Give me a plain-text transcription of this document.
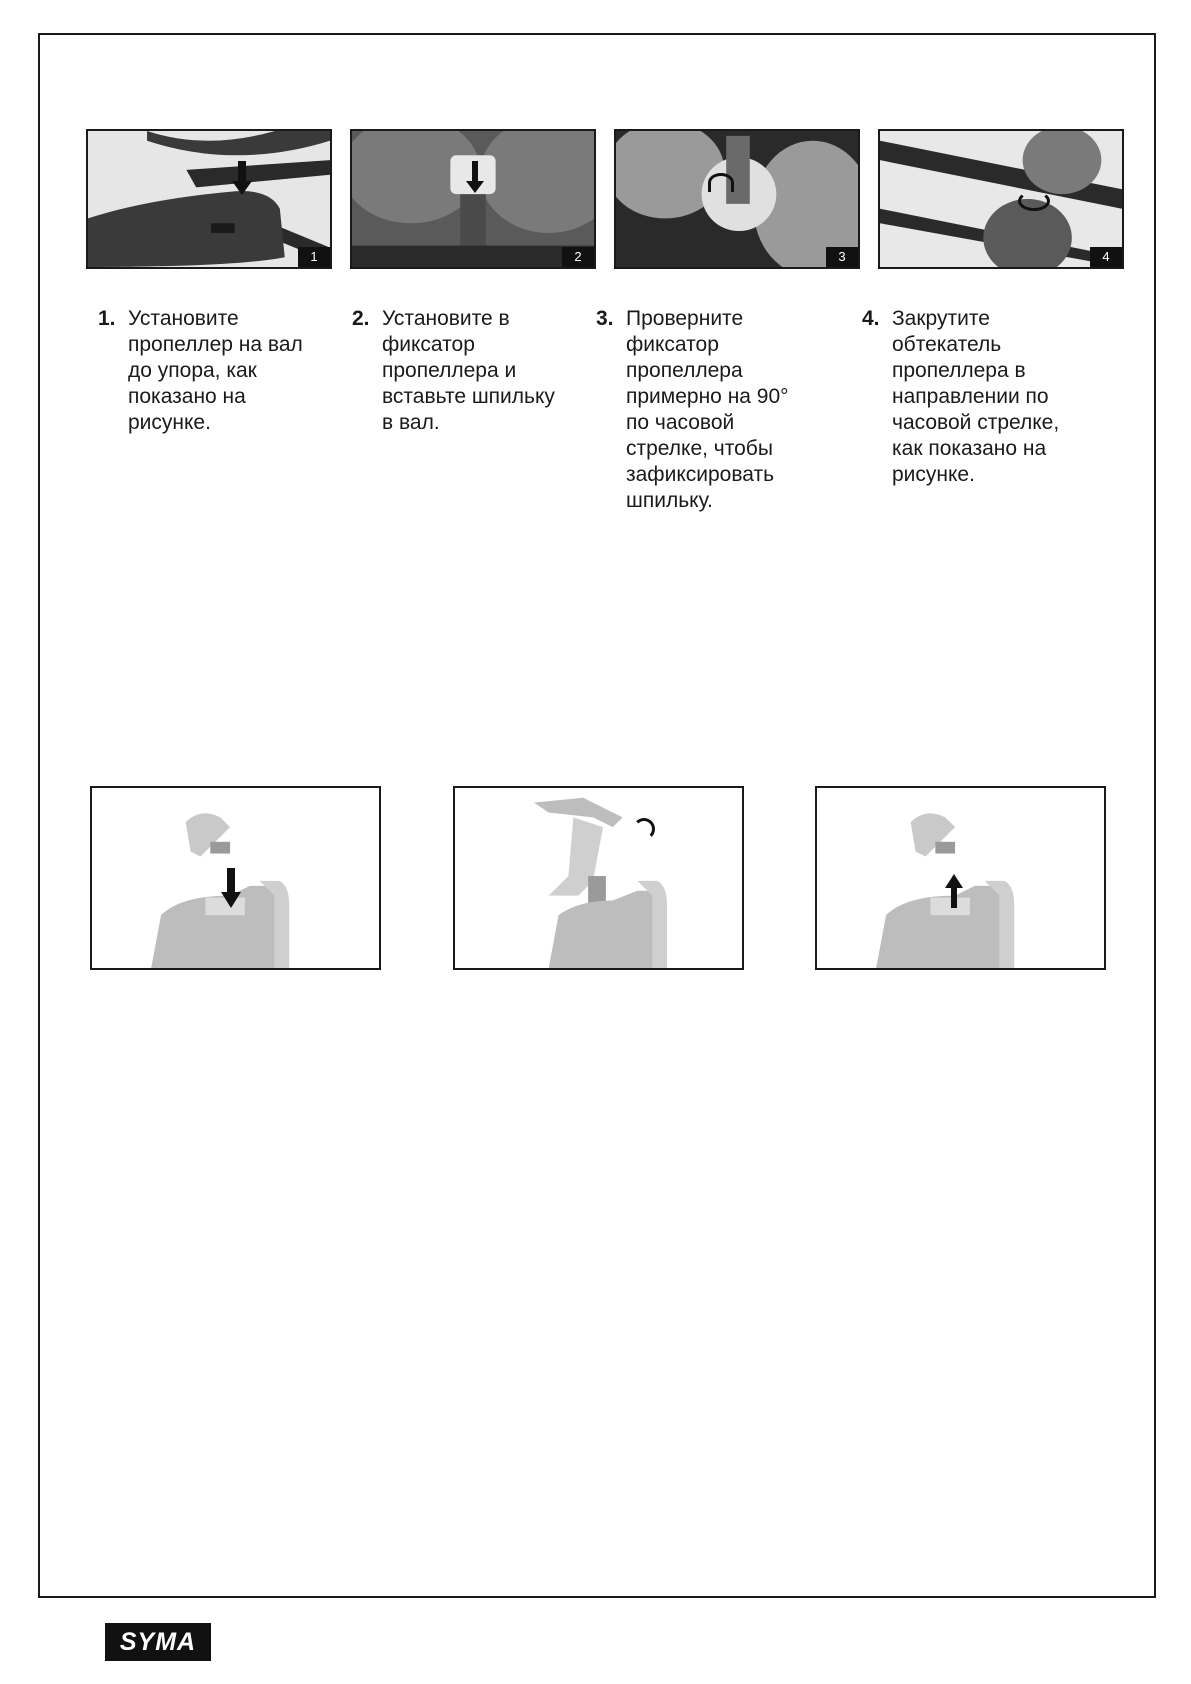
1	2	3	4
1. Установите
пропеллер на вал
до упора, как
показано на
рисунке.
2. Установите в
фиксатор
пропеллера и
вставьте шпильку
в вал.
3. Проверните
фиксатор
пропеллера
примерно на 90°
по часовой
стрелке, чтобы
зафиксировать
шпильку.
4. Закрутите
обтекатель
пропеллера в
направлении по
часовой стрелке,
как показано на
рисунке.
SYMA
